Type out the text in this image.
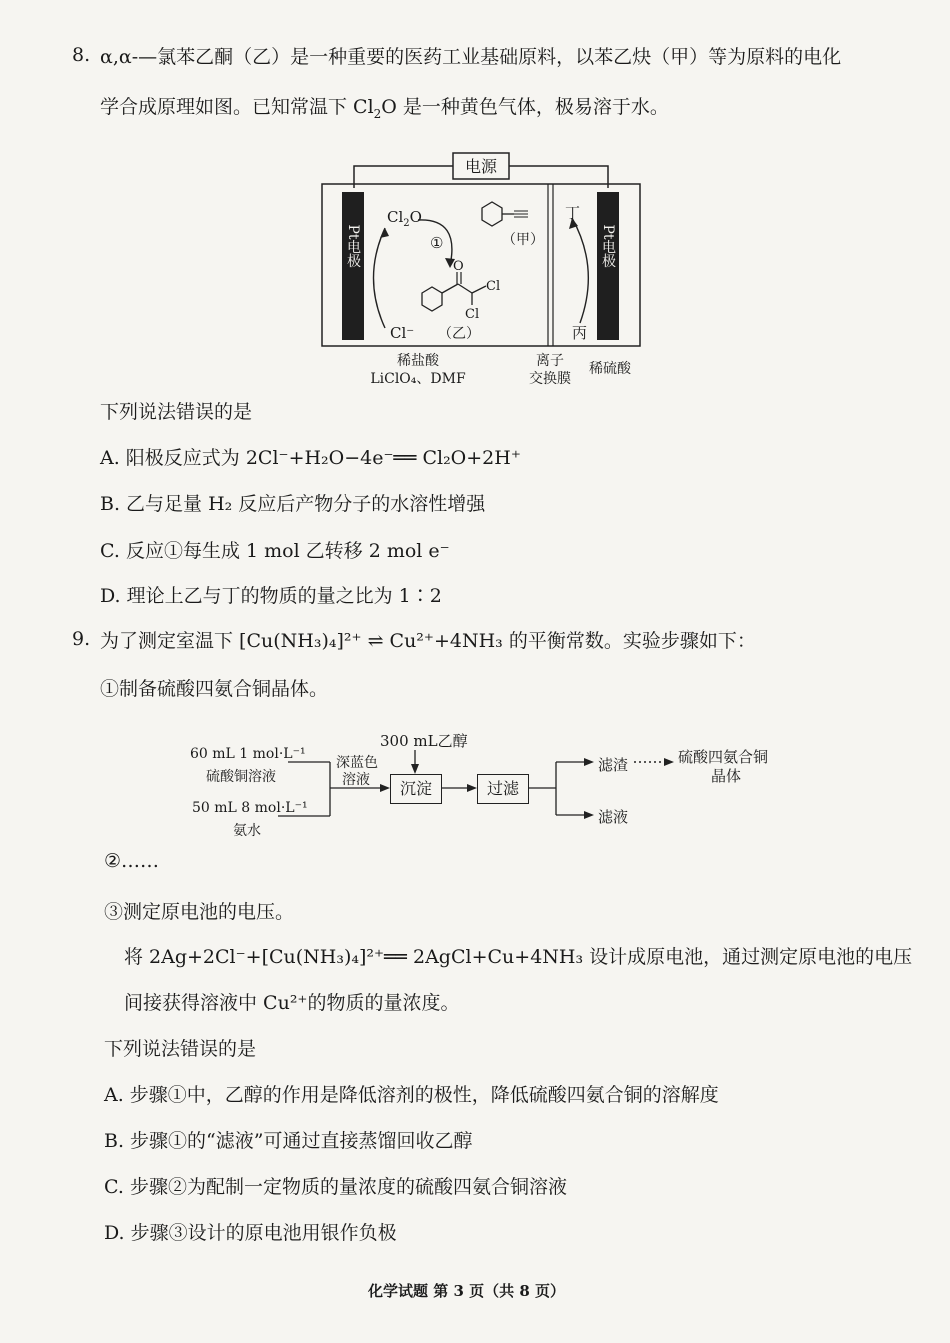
8. α,α-—氯苯乙酮（乙）是一种重要的医药工业基础原料，以苯乙炔（甲）等为原料的电化
学合成原理如图。已知常温下 $Cl_2O$ 是一种黄色气体，极易溶于水。
电源
Pt电极	Pt电极
$Cl_2O$
Cl⁻
①	（甲）
O
Cl
Cl
（乙）
丁
丙
稀盐酸
LiClO₄、DMF
离子
交换膜
稀硫酸
下列说法错误的是
A. 阳极反应式为 2Cl⁻+H₂O−4e⁻══ Cl₂O+2H⁺
B. 乙与足量 H₂ 反应后产物分子的水溶性增强
C. 反应①每生成 1 mol 乙转移 2 mol e⁻
D. 理论上乙与丁的物质的量之比为 1∶2
9. 为了测定室温下 [Cu(NH₃)₄]²⁺ ⇌ Cu²⁺+4NH₃ 的平衡常数。实验步骤如下：
①制备硫酸四氨合铜晶体。
300 mL乙醇
60 mL 1 mol·L⁻¹
硫酸铜溶液
50 mL 8 mol·L⁻¹
氨水
深蓝色
溶液	沉淀	过滤
滤渣	硫酸四氨合铜
晶体
滤液
②……
③测定原电池的电压。
将 2Ag+2Cl⁻+[Cu(NH₃)₄]²⁺══ 2AgCl+Cu+4NH₃ 设计成原电池，通过测定原电池的电压
间接获得溶液中 Cu²⁺的物质的量浓度。
下列说法错误的是
A. 步骤①中，乙醇的作用是降低溶剂的极性，降低硫酸四氨合铜的溶解度
B. 步骤①的“滤液”可通过直接蒸馏回收乙醇
C. 步骤②为配制一定物质的量浓度的硫酸四氨合铜溶液
D. 步骤③设计的原电池用银作负极
化学试题 第 3 页（共 8 页）
